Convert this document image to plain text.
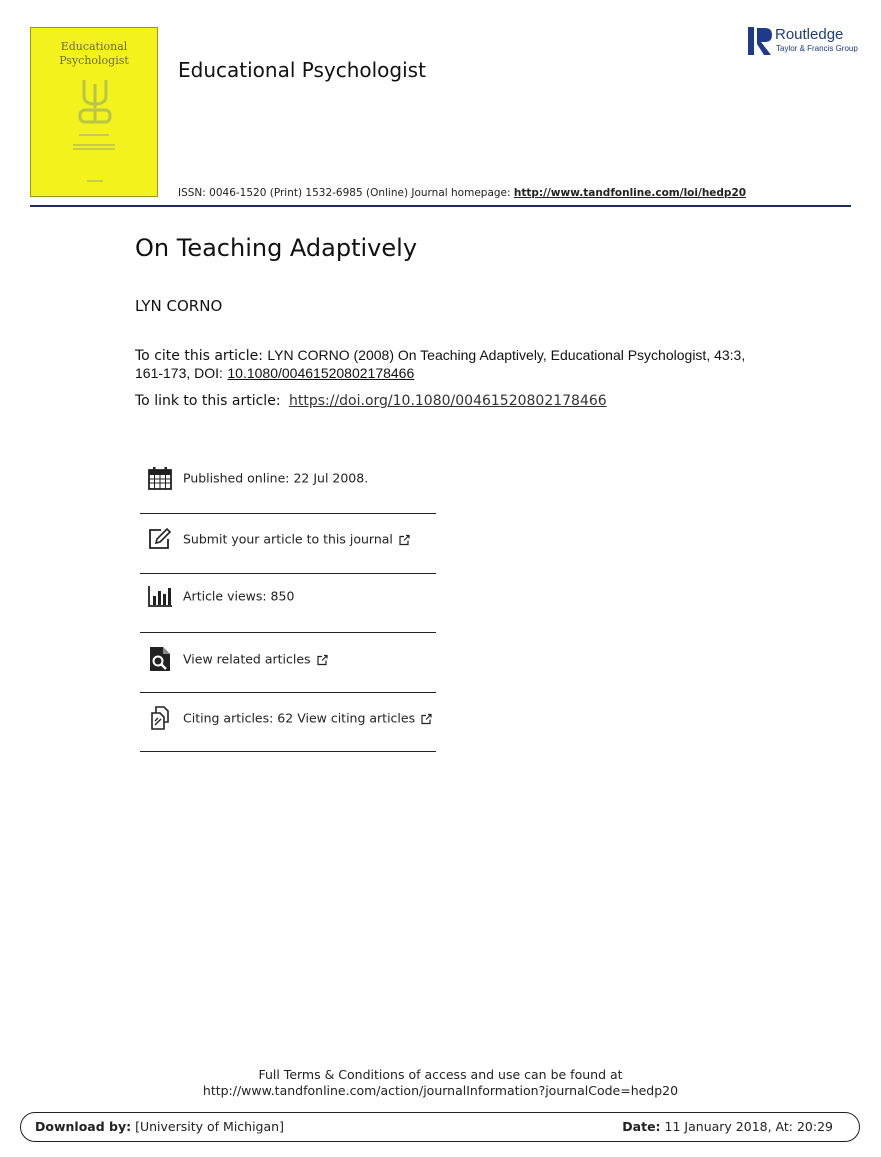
Educational
Psychologist	Educational Psychologist
ISSN: 0046-1520 (Print) 1532-6985 (Online) Journal homepage: http://www.tandfonline.com/loi/hedp20
Routledge
Taylor & Francis Group
On Teaching Adaptively
LYN CORNO
To cite this article: LYN CORNO (2008) On Teaching Adaptively, Educational Psychologist, 43:3, 161-173, DOI: 10.1080/00461520802178466
To link to this article: https://doi.org/10.1080/00461520802178466
Published online: 22 Jul 2008.
Submit your article to this journal
Article views: 850
View related articles
Citing articles: 62 View citing articles
Full Terms & Conditions of access and use can be found at
http://www.tandfonline.com/action/journalInformation?journalCode=hedp20
Download by: [University of Michigan]	Date: 11 January 2018, At: 20:29
